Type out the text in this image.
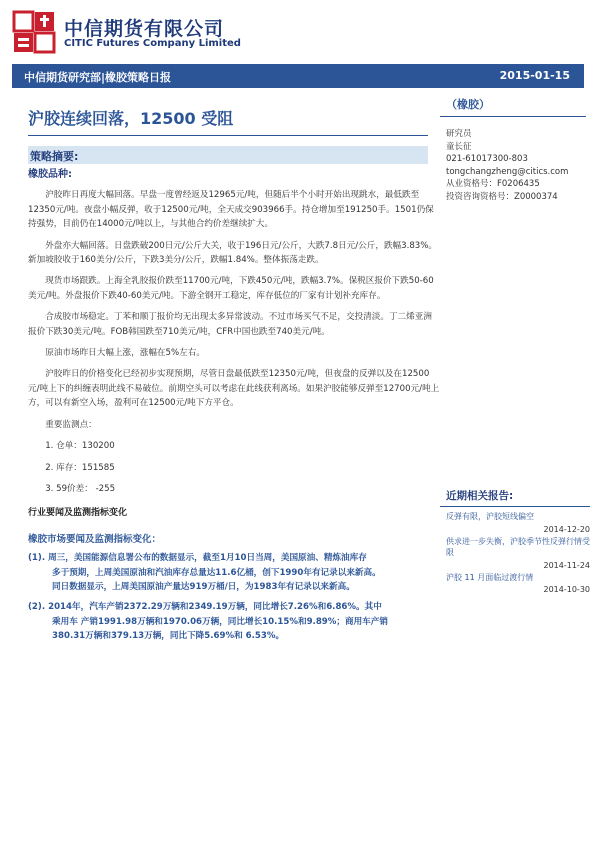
中信期货有限公司
CITIC Futures Company Limited
中信期货研究部|橡胶策略日报	2015-01-15
沪胶连续回落，12500 受阻
策略摘要:
（橡胶）
研究员
童长征
021-61017300-803
tongchangzheng@citics.com
从业资格号：F0206435
投资咨询资格号：Z0000374
橡胶品种:

沪胶昨日再度大幅回落。早盘一度曾经返及12965元/吨，但随后半个小时开始出现跳水，最低跌至12350元/吨。夜盘小幅反弹，收于12500元/吨，全天成交903966手。持仓增加至191250手。1501仍保持强势，目前仍在14000元/吨以上，与其他合约价差继续扩大。

外盘亦大幅回落。日盘跌破200日元/公斤大关，收于196日元/公斤，大跌7.8日元/公斤，跌幅3.83%。新加坡胶收于160美分/公斤，下跌3美分/公斤，跌幅1.84%。整体振荡走跌。

现货市场跟跌。上海全乳胶报价跌至11700元/吨，下跌450元/吨，跌幅3.7%。保税区报价下跌50-60美元/吨。外盘报价下跌40-60美元/吨。下游全钢开工稳定，库存低位的厂家有计划补充库存。

合成胶市场稳定。丁苯和顺丁报价均无出现太多异常波动。不过市场买气不足，交投清淡。丁二烯亚洲报价下跌30美元/吨。FOB韩国跌至710美元/吨，CFR中国也跌至740美元/吨。

原油市场昨日大幅上涨，涨幅在5%左右。

沪胶昨日的价格变化已经初步实现预期，尽管日盘最低跌至12350元/吨，但夜盘的反弹以及在12500元/吨上下的纠缠表明此线不易破位。前期空头可以考虑在此线获利离场。如果沪胶能够反弹至12700元/吨上方，可以有新空入场，盈利可在12500元/吨下方平仓。

重要监测点：

1. 仓单：130200
2. 库存：151585
3. 59价差： -255
行业要闻及监测指标变化
橡胶市场要闻及监测指标变化：
(1). 周三，美国能源信息署公布的数据显示，截至1月10日当周，美国原油、精炼油库存
多于预期，上周美国原油和汽油库存总量达11.6亿桶，创下1990年有记录以来新高。
同日数据显示，上周美国原油产量达919万桶/日，为1983年有记录以来新高。
(2). 2014年，汽车产销2372.29万辆和2349.19万辆，同比增长7.26%和6.86%。其中
乘用车 产销1991.98万辆和1970.06万辆，同比增长10.15%和9.89%；商用车产销
380.31万辆和379.13万辆，同比下降5.69%和 6.53%。
近期相关报告:
反弹有限，沪胶短线偏空
2014-12-20
供求进一步失衡，沪胶季节性反弹行情受限
2014-11-24
沪胶 11 月面临过渡行情
2014-10-30
